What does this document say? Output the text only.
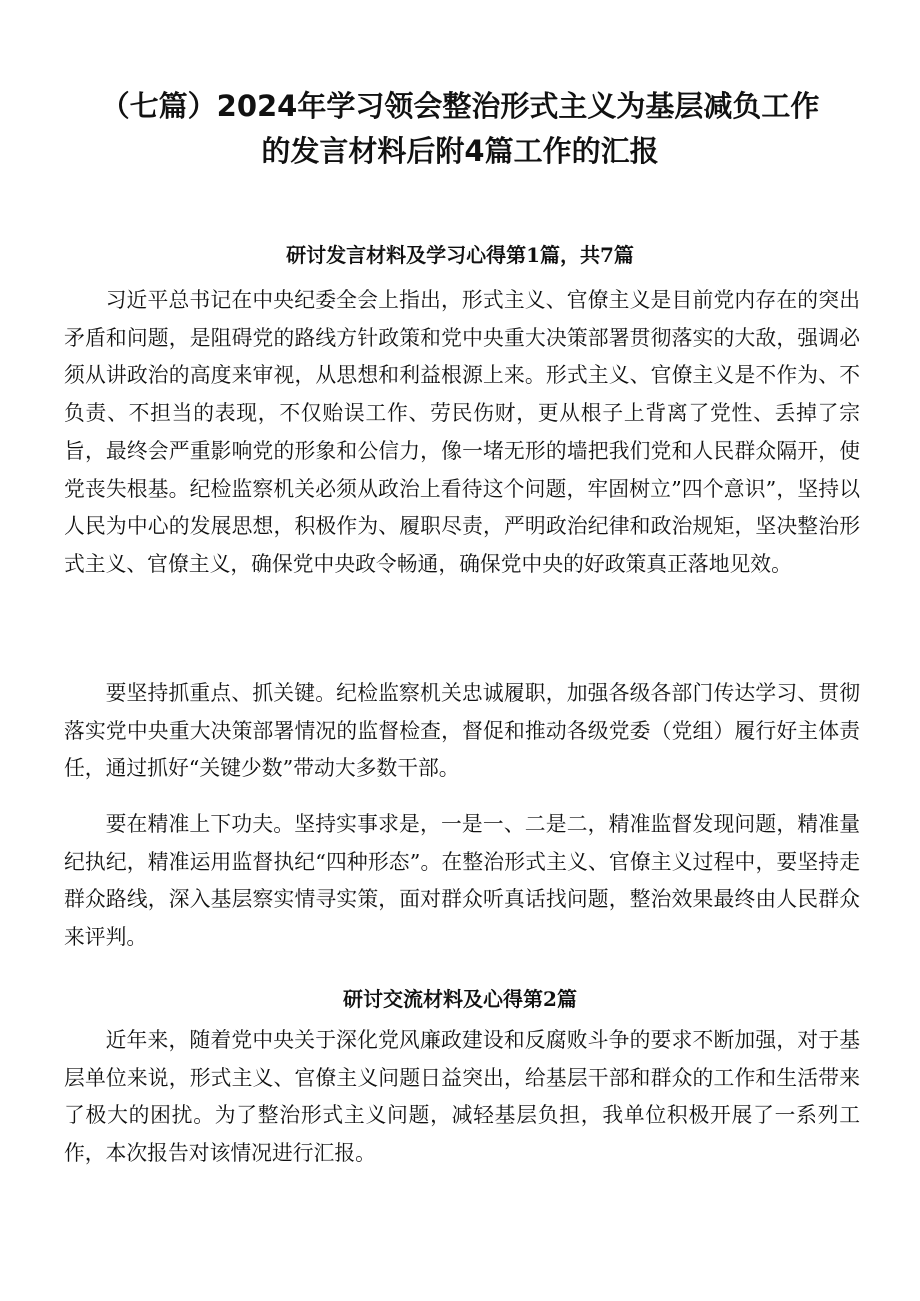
（七篇）2024年学习领会整治形式主义为基层减负工作的发言材料后附4篇工作的汇报
研讨发言材料及学习心得第1篇，共7篇

习近平总书记在中央纪委全会上指出，形式主义、官僚主义是目前党内存在的突出矛盾和问题，是阻碍党的路线方针政策和党中央重大决策部署贯彻落实的大敌，强调必须从讲政治的高度来审视，从思想和利益根源上来。形式主义、官僚主义是不作为、不负责、不担当的表现，不仅贻误工作、劳民伤财，更从根子上背离了党性、丢掉了宗旨，最终会严重影响党的形象和公信力，像一堵无形的墙把我们党和人民群众隔开，使党丧失根基。纪检监察机关必须从政治上看待这个问题，牢固树立”四个意识”，坚持以人民为中心的发展思想，积极作为、履职尽责，严明政治纪律和政治规矩，坚决整治形式主义、官僚主义，确保党中央政令畅通，确保党中央的好政策真正落地见效。

要坚持抓重点、抓关键。纪检监察机关忠诚履职，加强各级各部门传达学习、贯彻落实党中央重大决策部署情况的监督检查，督促和推动各级党委（党组）履行好主体责任，通过抓好“关键少数”带动大多数干部。

要在精准上下功夫。坚持实事求是，一是一、二是二，精准监督发现问题，精准量纪执纪，精准运用监督执纪“四种形态”。在整治形式主义、官僚主义过程中，要坚持走群众路线，深入基层察实情寻实策，面对群众听真话找问题，整治效果最终由人民群众来评判。

研讨交流材料及心得第2篇

近年来，随着党中央关于深化党风廉政建设和反腐败斗争的要求不断加强，对于基层单位来说，形式主义、官僚主义问题日益突出，给基层干部和群众的工作和生活带来了极大的困扰。为了整治形式主义问题，减轻基层负担，我单位积极开展了一系列工作，本次报告对该情况进行汇报。
